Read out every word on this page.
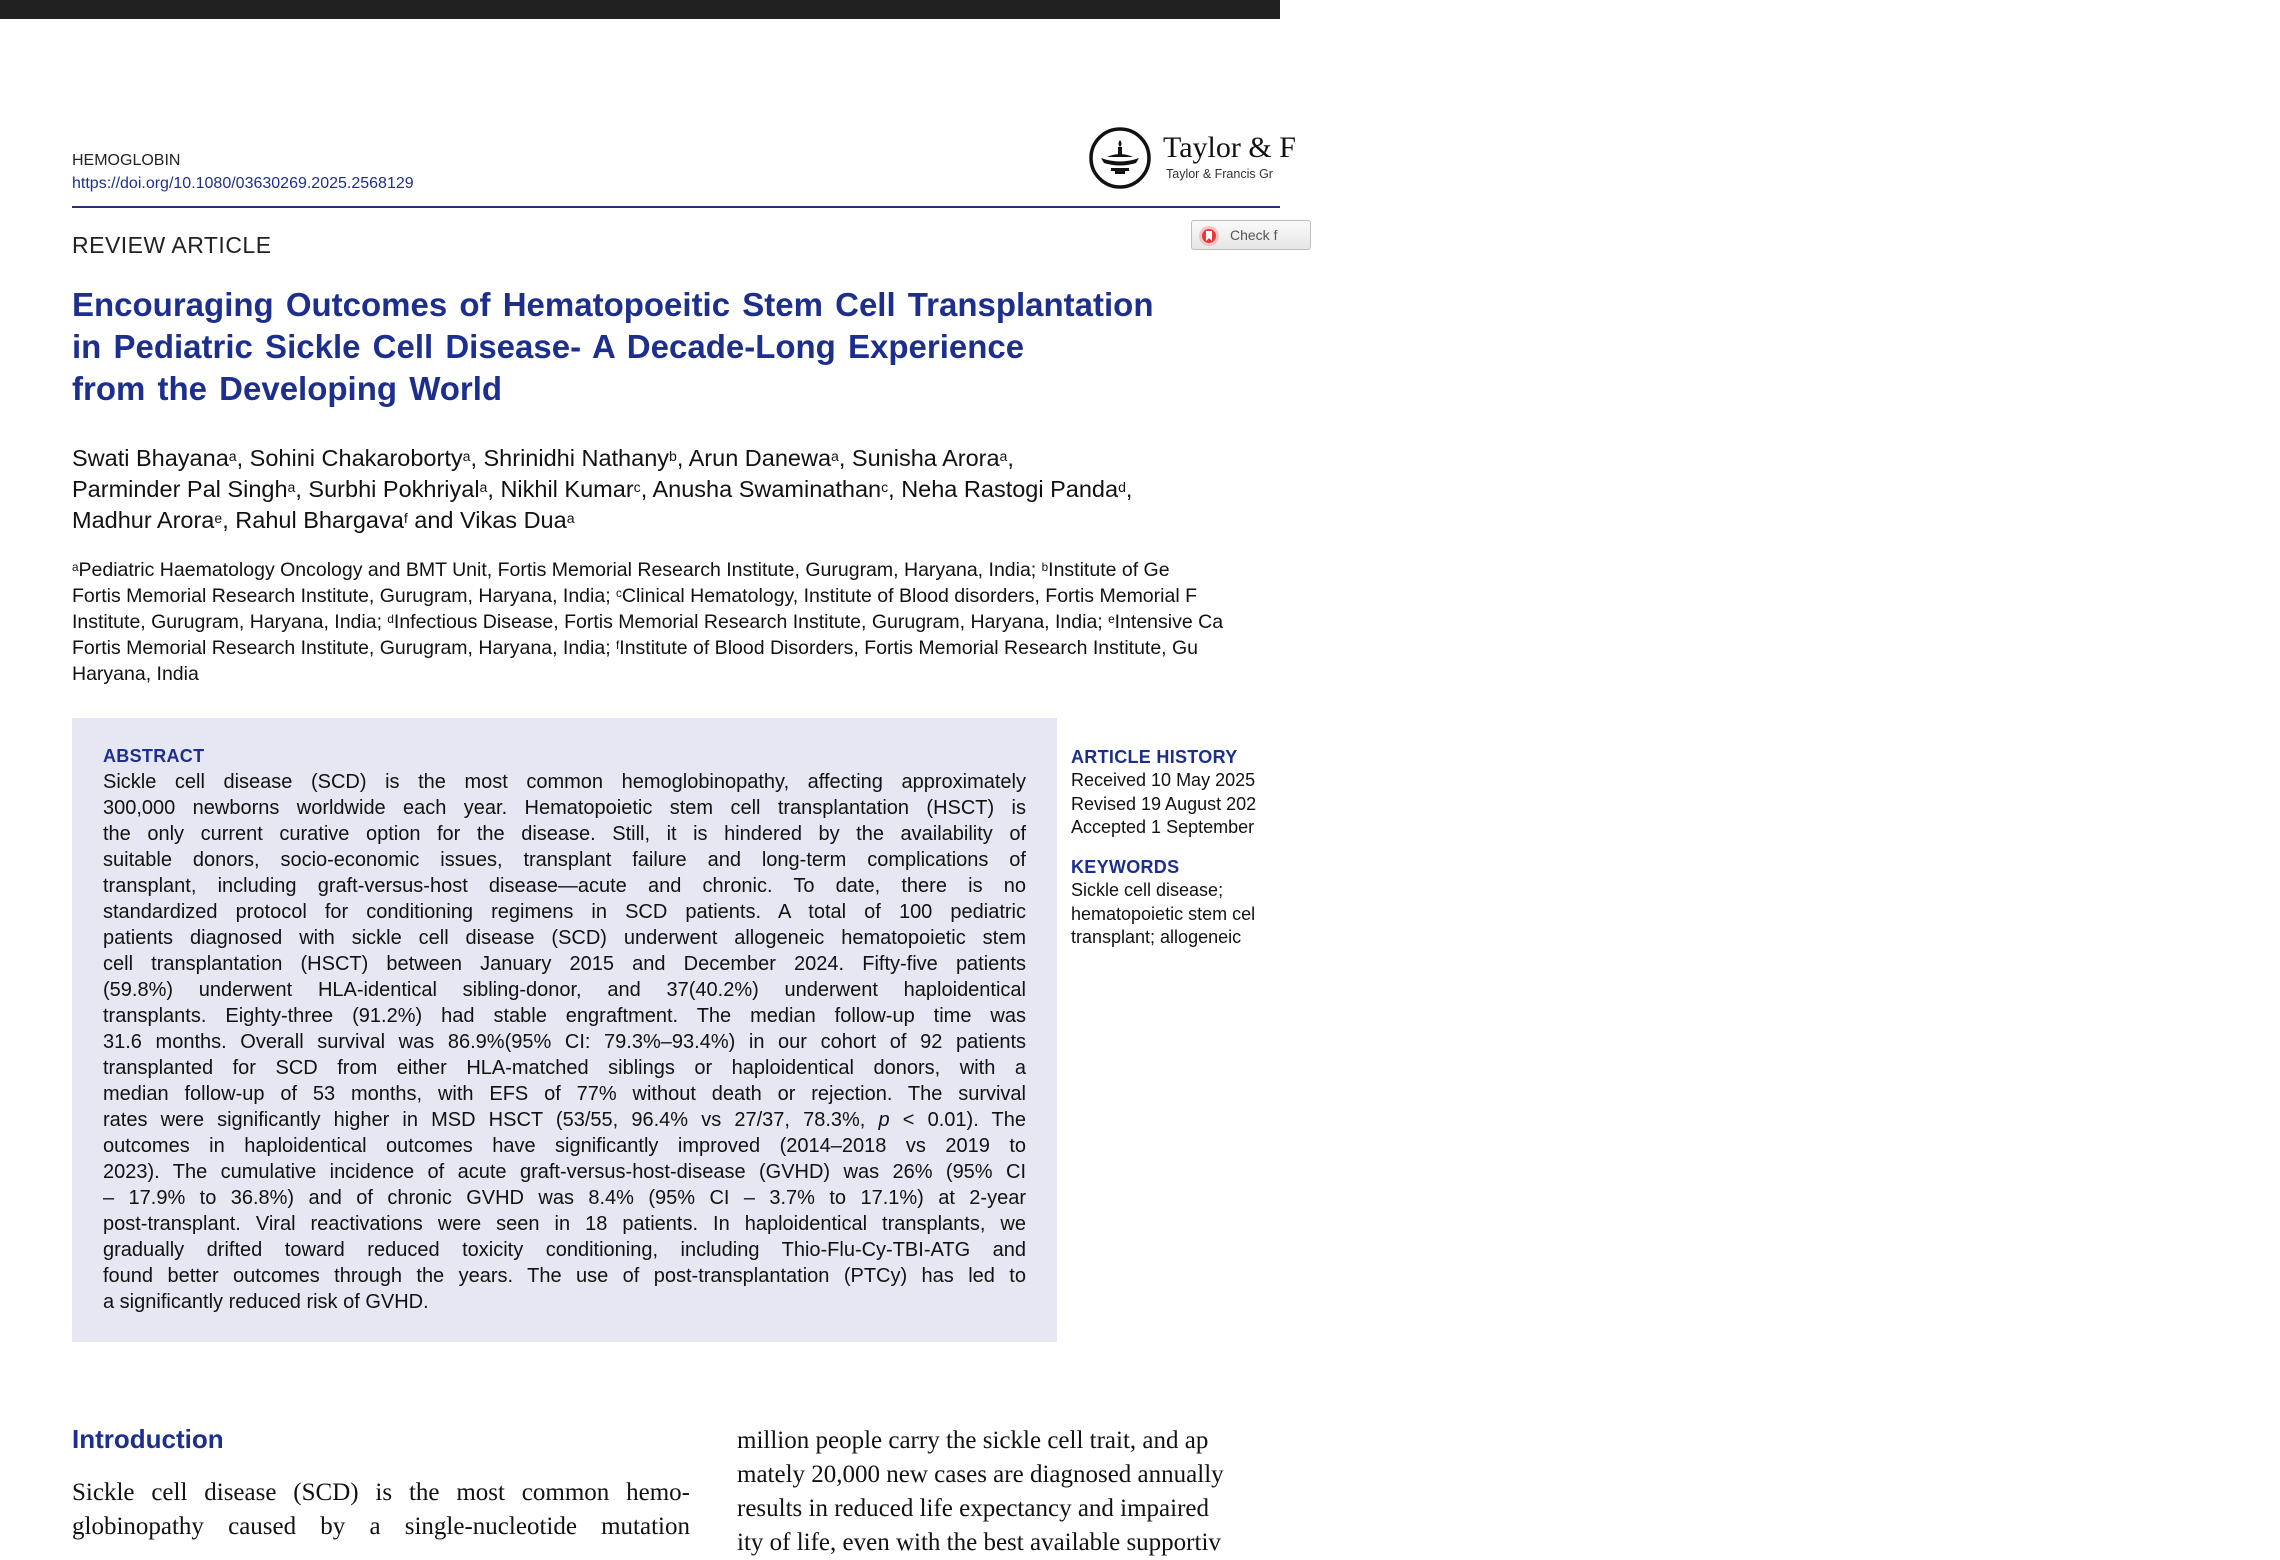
HEMOGLOBIN
https://doi.org/10.1080/03630269.2025.2568129
Taylor & F
Taylor & Francis Gr
Check f
REVIEW ARTICLE
Encouraging Outcomes of Hematopoeitic Stem Cell Transplantation
in Pediatric Sickle Cell Disease- A Decade-Long Experience
from the Developing World
Swati Bhayana$^a$, Sohini Chakaroborty$^a$, Shrinidhi Nathany$^b$, Arun Danewa$^a$, Sunisha Arora$^a$,
Parminder Pal Singh$^a$, Surbhi Pokhriyal$^a$, Nikhil Kumar$^c$, Anusha Swaminathan$^c$, Neha Rastogi Panda$^d$,
Madhur Arora$^e$, Rahul Bhargava$^f$ and Vikas Dua$^a$
$^a$Pediatric Haematology Oncology and BMT Unit, Fortis Memorial Research Institute, Gurugram, Haryana, India; $^b$Institute of Ge
Fortis Memorial Research Institute, Gurugram, Haryana, India; $^c$Clinical Hematology, Institute of Blood disorders, Fortis Memorial F
Institute, Gurugram, Haryana, India; $^d$Infectious Disease, Fortis Memorial Research Institute, Gurugram, Haryana, India; $^e$Intensive Ca
Fortis Memorial Research Institute, Gurugram, Haryana, India; $^f$Institute of Blood Disorders, Fortis Memorial Research Institute, Gu
Haryana, India
ABSTRACT

Sickle cell disease (SCD) is the most common hemoglobinopathy, affecting approximately
300,000 newborns worldwide each year. Hematopoietic stem cell transplantation (HSCT) is
the only current curative option for the disease. Still, it is hindered by the availability of
suitable donors, socio-economic issues, transplant failure and long-term complications of
transplant, including graft-versus-host disease—acute and chronic. To date, there is no
standardized protocol for conditioning regimens in SCD patients. A total of 100 pediatric
patients diagnosed with sickle cell disease (SCD) underwent allogeneic hematopoietic stem
cell transplantation (HSCT) between January 2015 and December 2024. Fifty-five patients
(59.8%) underwent HLA-identical sibling-donor, and 37(40.2%) underwent haploidentical
transplants. Eighty-three (91.2%) had stable engraftment. The median follow-up time was
31.6 months. Overall survival was 86.9%(95% CI: 79.3%–93.4%) in our cohort of 92 patients
transplanted for SCD from either HLA-matched siblings or haploidentical donors, with a
median follow-up of 53 months, with EFS of 77% without death or rejection. The survival
rates were significantly higher in MSD HSCT (53/55, 96.4% vs 27/37, 78.3%, p < 0.01). The
outcomes in haploidentical outcomes have significantly improved (2014–2018 vs 2019 to
2023). The cumulative incidence of acute graft-versus-host-disease (GVHD) was 26% (95% CI
– 17.9% to 36.8%) and of chronic GVHD was 8.4% (95% CI – 3.7% to 17.1%) at 2-year
post-transplant. Viral reactivations were seen in 18 patients. In haploidentical transplants, we
gradually drifted toward reduced toxicity conditioning, including Thio-Flu-Cy-TBI-ATG and
found better outcomes through the years. The use of post-transplantation (PTCy) has led to
a significantly reduced risk of GVHD.

ARTICLE HISTORY
Received 10 May 2025
Revised 19 August 202
Accepted 1 September
KEYWORDS
Sickle cell disease;
hematopoietic stem cel
transplant; allogeneic
Introduction
Sickle cell disease (SCD) is the most common hemo-
globinopathy caused by a single-nucleotide mutation
million people carry the sickle cell trait, and ap
mately 20,000 new cases are diagnosed annually
results in reduced life expectancy and impaired
ity of life, even with the best available supportiv
